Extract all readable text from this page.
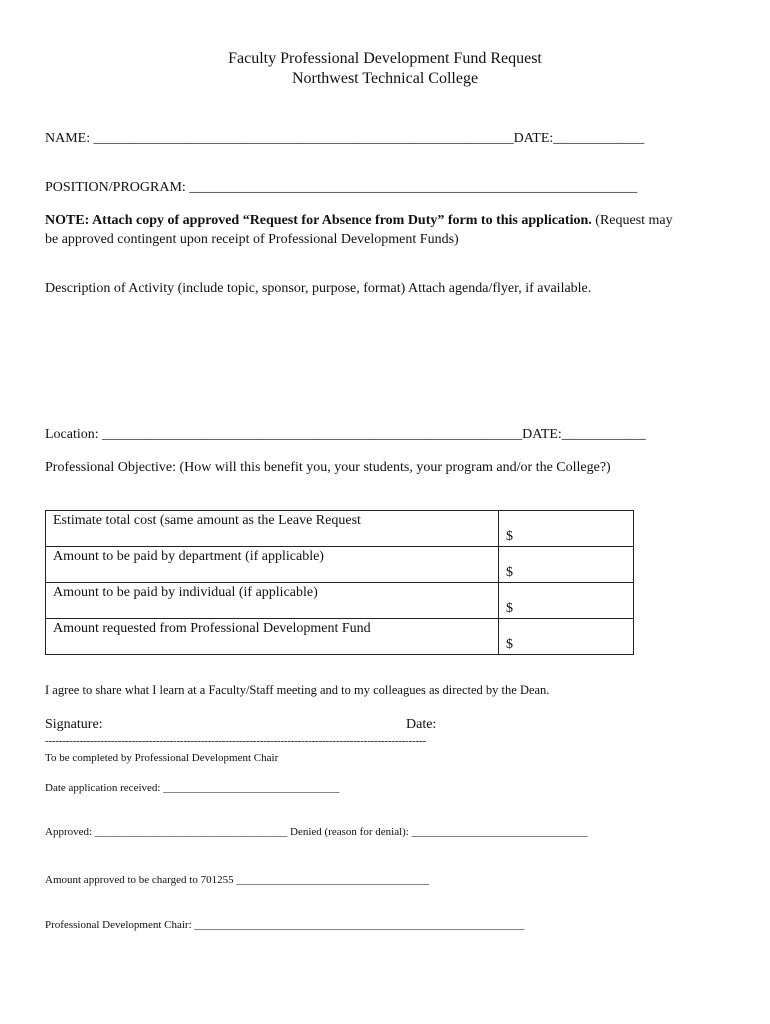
Faculty Professional Development Fund Request
Northwest Technical College
NAME: ____________________________________________________________DATE:_____________
POSITION/PROGRAM: ________________________________________________________________
NOTE: Attach copy of approved “Request for Absence from Duty” form to this application. (Request may
be approved contingent upon receipt of Professional Development Funds)
Description of Activity (include topic, sponsor, purpose, format) Attach agenda/flyer, if available.
Location: ____________________________________________________________DATE:____________
Professional Objective: (How will this benefit you, your students, your program and/or the College?)
Estimate total cost (same amount as the Leave Request	$
Amount to be paid by department (if applicable)	$
Amount to be paid by individual (if applicable)	$
Amount requested from Professional Development Fund	$
I agree to share what I learn at a Faculty/Staff meeting and to my colleagues as directed by the Dean.
Signature:	Date:
--------------------------------------------------------------------------------------------------------------
To be completed by Professional Development Chair
Date application received: ________________________________
Approved: ___________________________________ Denied (reason for denial): ________________________________
Amount approved to be charged to 701255 ___________________________________
Professional Development Chair: ____________________________________________________________
